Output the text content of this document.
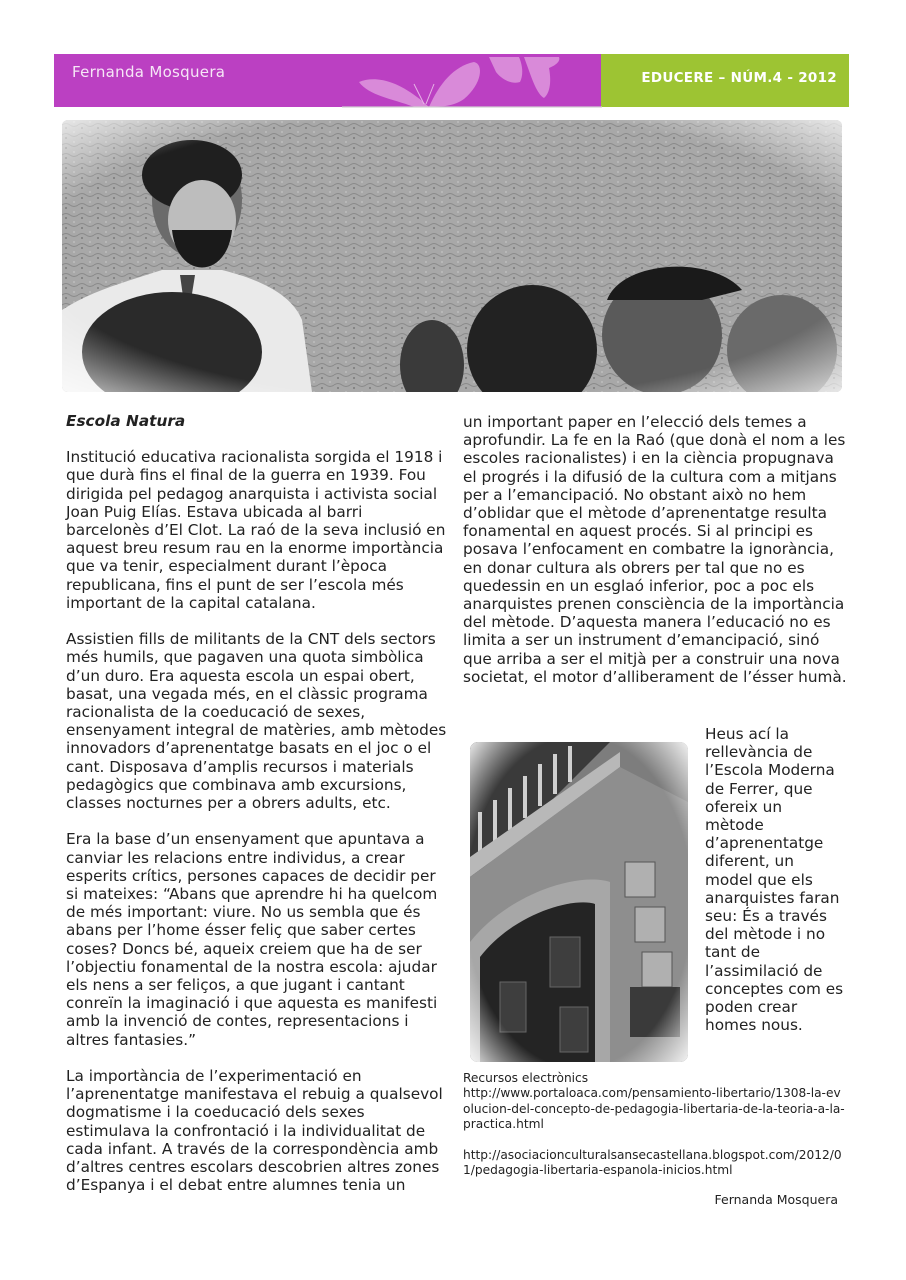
Fernanda Mosquera	EDUCERE – NÚM.4 - 2012

Escola Natura

Institució educativa racionalista sorgida el 1918 i que durà fins el final de la guerra en 1939. Fou dirigida pel pedagog anarquista i activista social Joan Puig Elías. Estava ubicada al barri barcelonès d’El Clot. La raó de la seva inclusió en aquest breu resum rau en la enorme importància que va tenir, especialment durant l’època republicana, fins el punt de ser l’escola més important de la capital catalana.

Assistien fills de militants de la CNT dels sectors més humils, que pagaven una quota simbòlica d’un duro. Era aquesta escola un espai obert, basat, una vegada més, en el clàssic programa racionalista de la coeducació de sexes, ensenyament integral de matèries, amb mètodes innovadors d’aprenentatge basats en el joc o el cant. Disposava d’amplis recursos i materials pedagògics que combinava amb excursions, classes nocturnes per a obrers adults, etc.

Era la base d’un ensenyament que apuntava a canviar les relacions entre individus, a crear esperits crítics, persones capaces de decidir per si mateixes: “Abans que aprendre hi ha quelcom de més important: viure. No us sembla que és abans per l’home ésser feliç que saber certes coses? Doncs bé, aqueix creiem que ha de ser l’objectiu fonamental de la nostra escola: ajudar els nens a ser feliços, a que jugant i cantant conreïn la imaginació i que aquesta es manifesti amb la invenció de contes, representacions i altres fantasies.”

La importància de l’experimentació en l’aprenentatge manifestava el rebuig a qualsevol dogmatisme i la coeducació dels sexes estimulava la confrontació i la individualitat de cada infant. A través de la correspondència amb d’altres centres escolars descobrien altres zones d’Espanya i el debat entre alumnes tenia un

un important paper en l’elecció dels temes a aprofundir. La fe en la Raó (que donà el nom a les escoles racionalistes) i en la ciència propugnava el progrés i la difusió de la cultura com a mitjans per a l’emancipació. No obstant això no hem d’oblidar que el mètode d’aprenentatge resulta fonamental en aquest procés. Si al principi es posava l’enfocament en combatre la ignorància, en donar cultura als obrers per tal que no es quedessin en un esglaó inferior, poc a poc els anarquistes prenen consciència de la importància del mètode. D’aquesta manera l’educació no es limita a ser un instrument d’emancipació, sinó que arriba a ser el mitjà per a construir una nova societat, el motor d’alliberament de l’ésser humà.

Heus ací la rellevància de l’Escola Moderna de Ferrer, que ofereix un mètode d’aprenentatge diferent, un model que els anarquistes faran seu: És a través del mètode i no tant de l’assimilació de conceptes com es poden crear homes nous.

Recursos electrònics

http://www.portaloaca.com/pensamiento-libertario/1308-la-evolucion-del-concepto-de-pedagogia-libertaria-de-la-teoria-a-la-practica.html

http://asociacionculturalsansecastellana.blogspot.com/2012/01/pedagogia-libertaria-espanola-inicios.html

Fernanda Mosquera
